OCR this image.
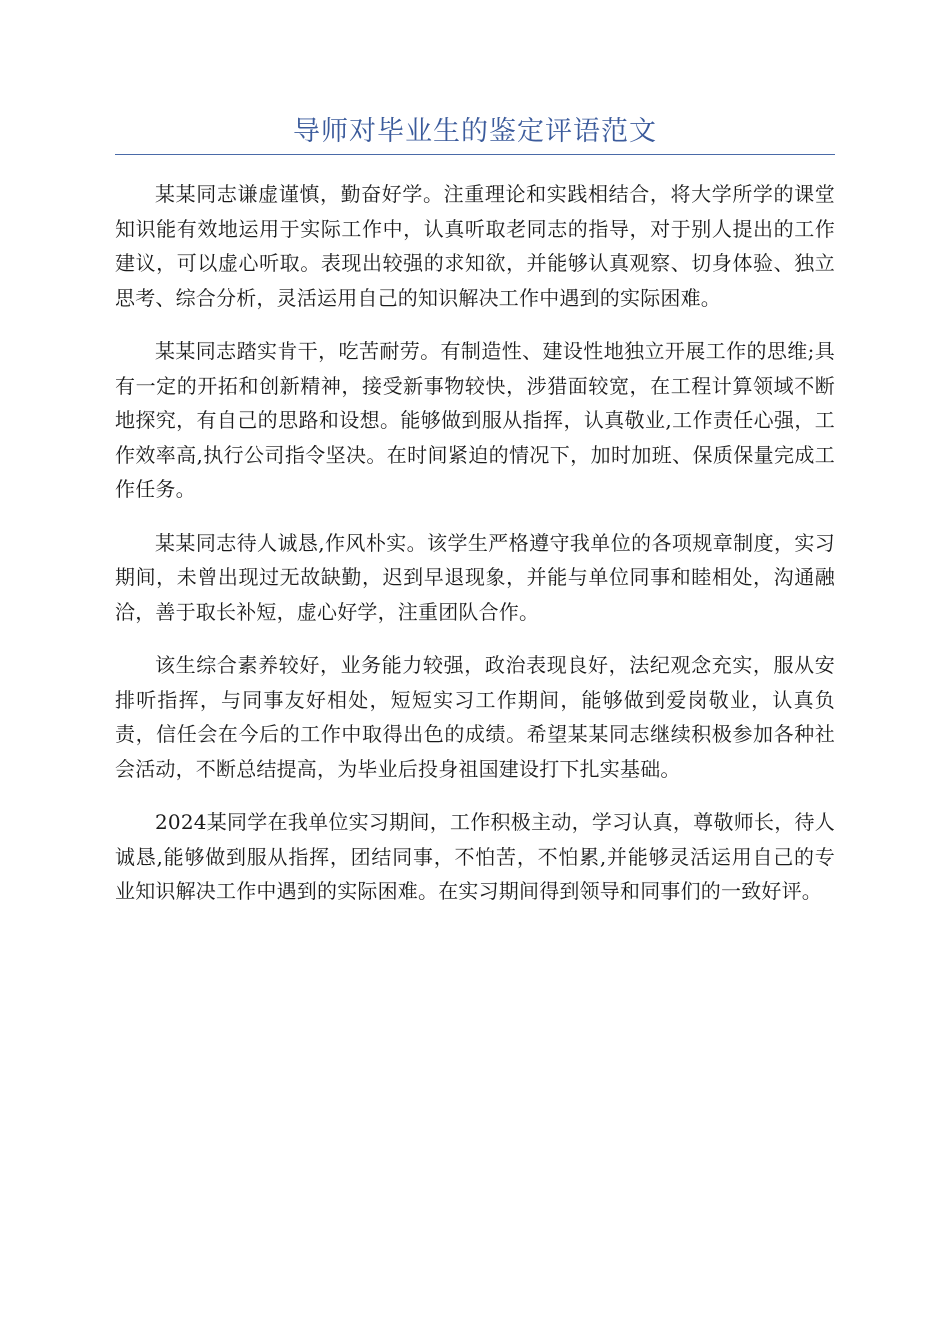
导师对毕业生的鉴定评语范文

某某同志谦虚谨慎，勤奋好学。注重理论和实践相结合，将大学所学的课堂知识能有效地运用于实际工作中，认真听取老同志的指导，对于别人提出的工作建议，可以虚心听取。表现出较强的求知欲，并能够认真观察、切身体验、独立思考、综合分析，灵活运用自己的知识解决工作中遇到的实际困难。

某某同志踏实肯干，吃苦耐劳。有制造性、建设性地独立开展工作的思维;具有一定的开拓和创新精神，接受新事物较快，涉猎面较宽，在工程计算领域不断地探究，有自己的思路和设想。能够做到服从指挥，认真敬业,工作责任心强，工作效率高,执行公司指令坚决。在时间紧迫的情况下，加时加班、保质保量完成工作任务。

某某同志待人诚恳,作风朴实。该学生严格遵守我单位的各项规章制度，实习期间，未曾出现过无故缺勤，迟到早退现象，并能与单位同事和睦相处，沟通融洽，善于取长补短，虚心好学，注重团队合作。

该生综合素养较好，业务能力较强，政治表现良好，法纪观念充实，服从安排听指挥，与同事友好相处，短短实习工作期间，能够做到爱岗敬业，认真负责，信任会在今后的工作中取得出色的成绩。希望某某同志继续积极参加各种社会活动，不断总结提高，为毕业后投身祖国建设打下扎实基础。

2024某同学在我单位实习期间，工作积极主动，学习认真，尊敬师长，待人诚恳,能够做到服从指挥，团结同事，不怕苦，不怕累,并能够灵活运用自己的专业知识解决工作中遇到的实际困难。在实习期间得到领导和同事们的一致好评。
